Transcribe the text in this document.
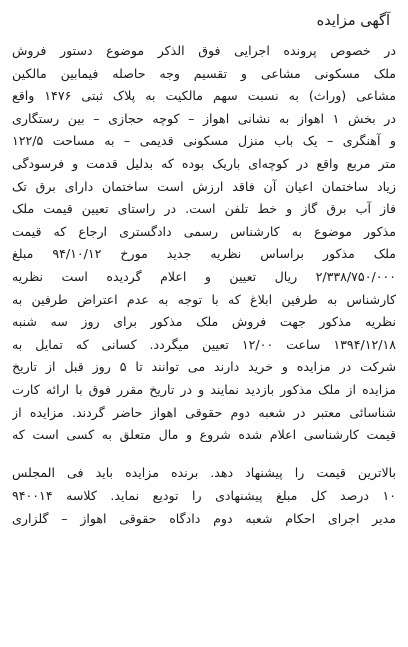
آگهی مزایده
در خصوص پرونده اجرایی فوق الذکر موضوع دستور فروش
ملک مسکونی مشاعی و تقسیم وجه حاصله فیمابین مالکین
مشاعی (وراث) به نسبت سهم مالکیت به پلاک ثبتی ۱۴۷۶ واقع
در بخش ۱ اهواز به نشانی اهواز – کوچه حجازی – بین رستگاری
و آهنگری – یک باب منزل مسکونی قدیمی – به مساحت ۱۲۲/۵
متر مربع واقع در کوچه‌ای باریک بوده که بدلیل قدمت و فرسودگی
زیاد ساختمان اعیان آن فاقد ارزش است ساختمان دارای برق تک
فاز آب برق گاز و خط تلفن است. در راستای تعیین قیمت ملک
مذکور موضوع به کارشناس رسمی دادگستری ارجاع که قیمت
ملک مذکور براساس نظریه جدید مورخ ۹۴/۱۰/۱۲ مبلغ
۲/۳۳۸/۷۵۰/۰۰۰ ریال تعیین و اعلام گردیده است نظریه
کارشناس به طرفین ابلاغ که با توجه به عدم اعتراض طرفین به
نظریه مذکور جهت فروش ملک مذکور برای روز سه شنبه
۱۳۹۴/۱۲/۱۸ ساعت ۱۲/۰۰ تعیین میگردد. کسانی که تمایل به
شرکت در مزایده و خرید دارند می توانند تا ۵ روز قبل از تاریخ
مزایده از ملک مذکور بازدید نمایند و در تاریخ مقرر فوق با ارائه کارت
شناسائی معتبر در شعبه دوم حقوقی اهواز حاضر گردند. مزایده از
قیمت کارشناسی اعلام شده شروع و مال متعلق به کسی است که
بالاترین قیمت را پیشنهاد دهد. برنده مزایده باید فی المجلس
۱۰ درصد کل مبلغ پیشنهادی را تودیع نماید. کلاسه ۹۴۰۰۱۴
مدیر اجرای احکام شعبه دوم دادگاه حقوقی اهواز – گلزاری
